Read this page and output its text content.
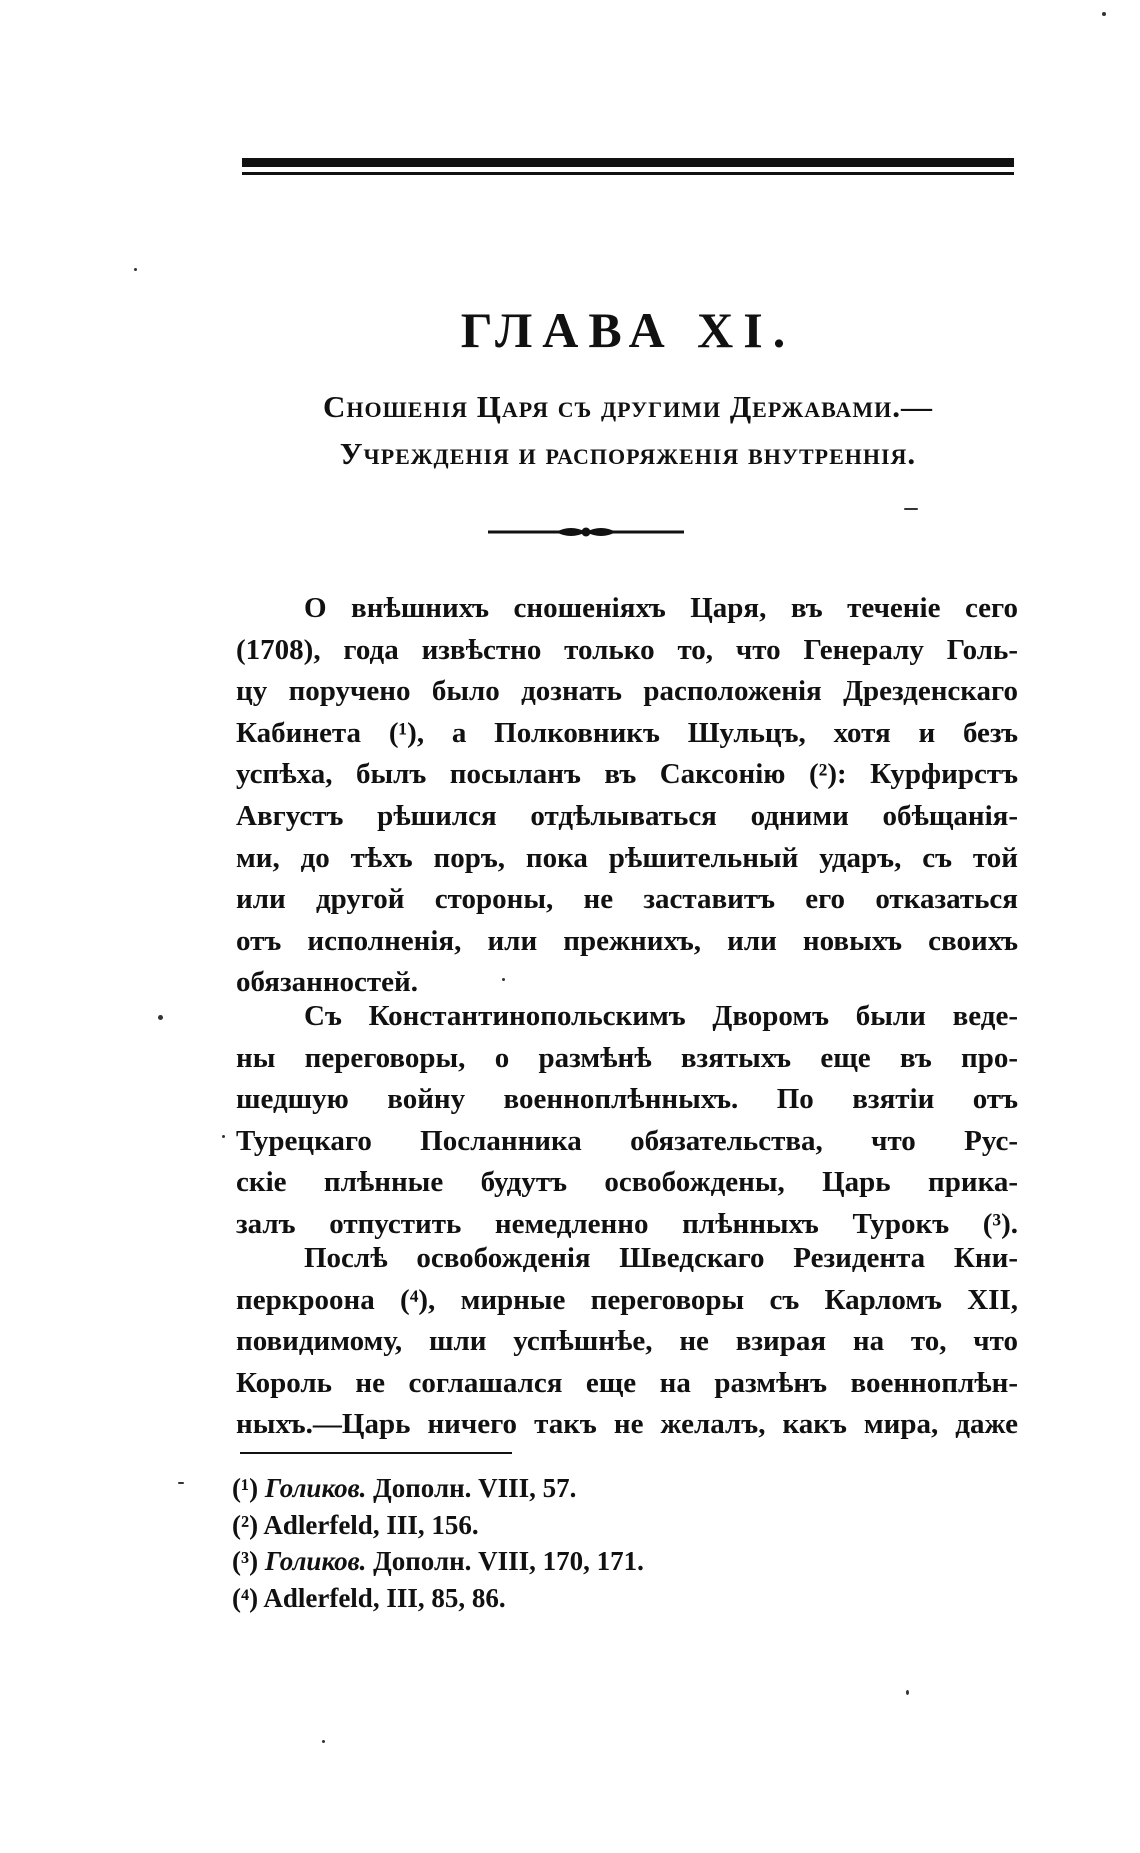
ГЛАВА XI.
Сношенія Царя съ другими Державами.—
Учрежденія и распоряженія внутреннія.
О внѣшнихъ сношеніяхъ Царя, въ теченіе сего
(1708), года извѣстно только то, что Генералу Голь-
цу поручено было дознать расположенія Дрезденскаго
Кабинета (¹), а Полковникъ Шульцъ, хотя и безъ
успѣха, былъ посыланъ въ Саксонію (²): Курфирстъ
Августъ рѣшился отдѣлываться одними обѣщанія-
ми, до тѣхъ поръ, пока рѣшительный ударъ, съ той
или другой стороны, не заставитъ его отказаться
отъ исполненія, или прежнихъ, или новыхъ своихъ
обязанностей.
Съ Константинопольскимъ Дворомъ были веде-
ны переговоры, о размѣнѣ взятыхъ еще въ про-
шедшую войну военноплѣнныхъ. По взятіи отъ
Турецкаго Посланника обязательства, что Рус-
скіе плѣнные будутъ освобождены, Царь прика-
залъ отпустить немедленно плѣнныхъ Турокъ (³).
Послѣ освобожденія Шведскаго Резидента Кни-
перкроона (⁴), мирные переговоры съ Карломъ XII,
повидимому, шли успѣшнѣе, не взирая на то, что
Король не соглашался еще на размѣнъ военноплѣн-
ныхъ.—Царь ничего такъ не желалъ, какъ мира, даже
(¹) Голиков. Дополн. VIII, 57.
(²) Adlerfeld, III, 156.
(³) Голиков. Дополн. VIII, 170, 171.
(⁴) Adlerfeld, III, 85, 86.
